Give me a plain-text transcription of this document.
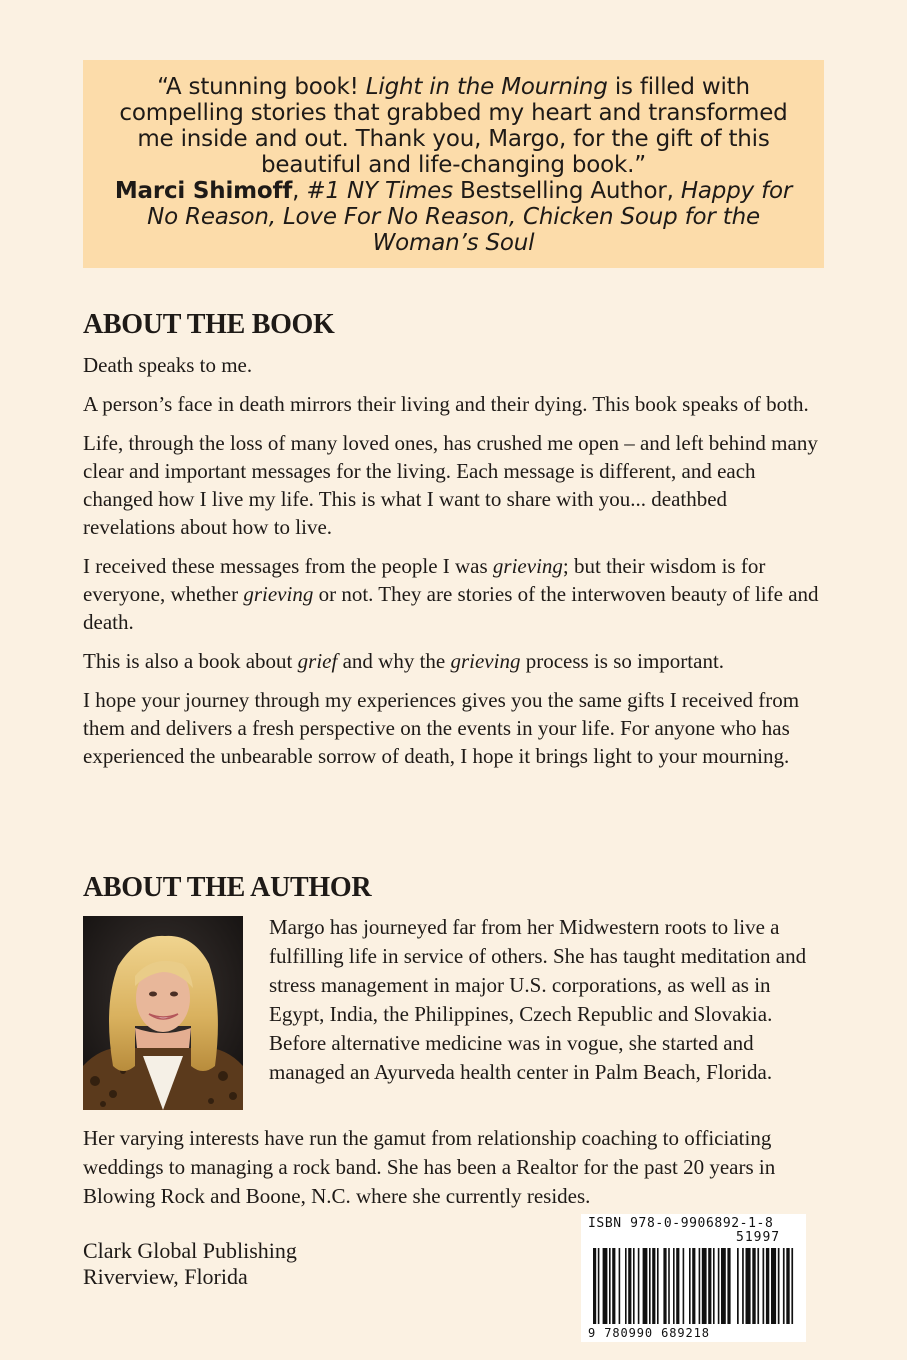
“A stunning book! Light in the Mourning is filled with compelling stories that grabbed my heart and transformed me inside and out. Thank you, Margo, for the gift of this beautiful and life-changing book.”

Marci Shimoff, #1 NY Times Bestselling Author, Happy for No Reason, Love For No Reason, Chicken Soup for the Woman’s Soul

ABOUT THE BOOK

Death speaks to me.

A person’s face in death mirrors their living and their dying. This book speaks of both.

Life, through the loss of many loved ones, has crushed me open – and left behind many clear and important messages for the living. Each message is different, and each changed how I live my life. This is what I want to share with you... deathbed revelations about how to live.

I received these messages from the people I was grieving; but their wisdom is for everyone, whether grieving or not. They are stories of the interwoven beauty of life and death.

This is also a book about grief and why the grieving process is so important.

I hope your journey through my experiences gives you the same gifts I received from them and delivers a fresh perspective on the events in your life. For anyone who has experienced the unbearable sorrow of death, I hope it brings light to your mourning.

ABOUT THE AUTHOR

Margo has journeyed far from her Midwestern roots to live a fulfilling life in service of others. She has taught meditation and stress management in major U.S. corporations, as well as in Egypt, India, the Philippines, Czech Republic and Slovakia. Before alternative medicine was in vogue, she started and managed an Ayurveda health center in Palm Beach, Florida.

Her varying interests have run the gamut from relationship coaching to officiating weddings to managing a rock band. She has been a Realtor for the past 20 years in Blowing Rock and Boone, N.C. where she currently resides.

Clark Global Publishing
Riverview, Florida
ISBN 978-0-9906892-1-8
51997
9 780990 689218
